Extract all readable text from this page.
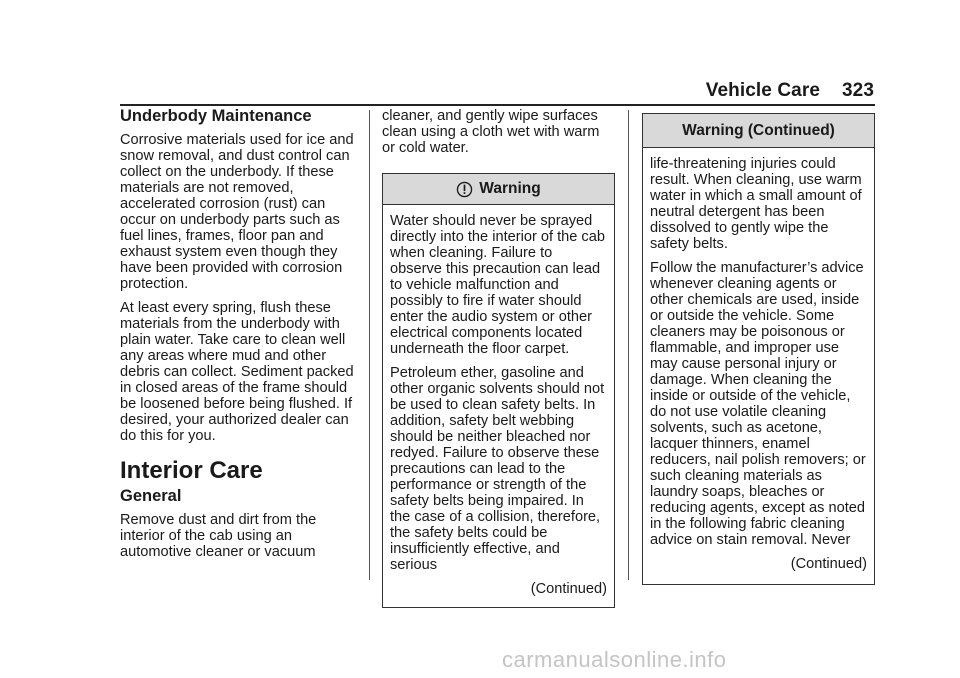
Vehicle Care 323
Underbody Maintenance

Corrosive materials used for ice and snow removal, and dust control can collect on the underbody. If these materials are not removed, accelerated corrosion (rust) can occur on underbody parts such as fuel lines, frames, floor pan and exhaust system even though they have been provided with corrosion protection.

At least every spring, flush these materials from the underbody with plain water. Take care to clean well any areas where mud and other debris can collect. Sediment packed in closed areas of the frame should be loosened before being flushed. If desired, your authorized dealer can do this for you.

Interior Care
General

Remove dust and dirt from the interior of the cab using an automotive cleaner or vacuum

cleaner, and gently wipe surfaces clean using a cloth wet with warm or cold water.

Warning

Water should never be sprayed directly into the interior of the cab when cleaning. Failure to observe this precaution can lead to vehicle malfunction and possibly to fire if water should enter the audio system or other electrical components located underneath the floor carpet.

Petroleum ether, gasoline and other organic solvents should not be used to clean safety belts. In addition, safety belt webbing should be neither bleached nor redyed. Failure to observe these precautions can lead to the performance or strength of the safety belts being impaired. In the case of a collision, therefore, the safety belts could be insufficiently effective, and serious

(Continued)

Warning (Continued)

life-threatening injuries could result. When cleaning, use warm water in which a small amount of neutral detergent has been dissolved to gently wipe the safety belts.

Follow the manufacturer’s advice whenever cleaning agents or other chemicals are used, inside or outside the vehicle. Some cleaners may be poisonous or flammable, and improper use may cause personal injury or damage. When cleaning the inside or outside of the vehicle, do not use volatile cleaning solvents, such as acetone, lacquer thinners, enamel reducers, nail polish removers; or such cleaning materials as laundry soaps, bleaches or reducing agents, except as noted in the following fabric cleaning advice on stain removal. Never

(Continued)

carmanualsonline.info
